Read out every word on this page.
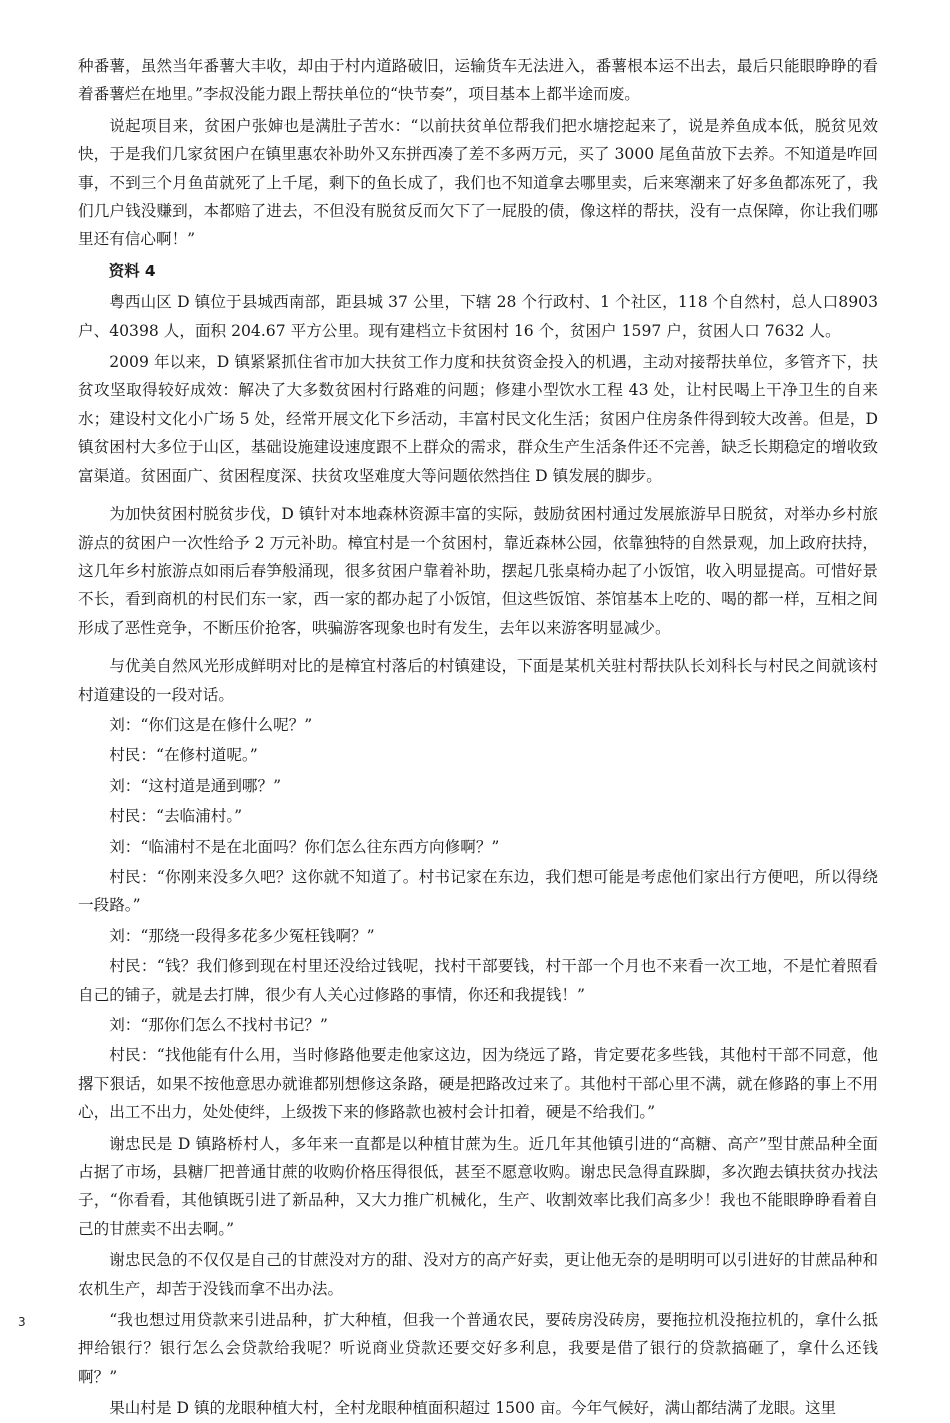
种番薯，虽然当年番薯大丰收，却由于村内道路破旧，运输货车无法进入，番薯根本运不出去，最后只能眼睁睁的看着番薯烂在地里。”李叔没能力跟上帮扶单位的“快节奏”，项目基本上都半途而废。

说起项目来，贫困户张婶也是满肚子苦水：“以前扶贫单位帮我们把水塘挖起来了，说是养鱼成本低，脱贫见效快，于是我们几家贫困户在镇里惠农补助外又东拼西凑了差不多两万元，买了 3000 尾鱼苗放下去养。不知道是咋回事，不到三个月鱼苗就死了上千尾，剩下的鱼长成了，我们也不知道拿去哪里卖，后来寒潮来了好多鱼都冻死了，我们几户钱没赚到，本都赔了进去，不但没有脱贫反而欠下了一屁股的债，像这样的帮扶，没有一点保障，你让我们哪里还有信心啊！”

资料 4

粤西山区 D 镇位于县城西南部，距县城 37 公里，下辖 28 个行政村、1 个社区，118 个自然村，总人口8903 户、40398 人，面积 204.67 平方公里。现有建档立卡贫困村 16 个，贫困户 1597 户，贫困人口 7632 人。

2009 年以来，D 镇紧紧抓住省市加大扶贫工作力度和扶贫资金投入的机遇，主动对接帮扶单位，多管齐下，扶贫攻坚取得较好成效：解决了大多数贫困村行路难的问题；修建小型饮水工程 43 处，让村民喝上干净卫生的自来水；建设村文化小广场 5 处，经常开展文化下乡活动，丰富村民文化生活；贫困户住房条件得到较大改善。但是，D 镇贫困村大多位于山区，基础设施建设速度跟不上群众的需求，群众生产生活条件还不完善，缺乏长期稳定的增收致富渠道。贫困面广、贫困程度深、扶贫攻坚难度大等问题依然挡住 D 镇发展的脚步。

为加快贫困村脱贫步伐，D 镇针对本地森林资源丰富的实际，鼓励贫困村通过发展旅游早日脱贫，对举办乡村旅游点的贫困户一次性给予 2 万元补助。樟宜村是一个贫困村，靠近森林公园，依靠独特的自然景观，加上政府扶持，这几年乡村旅游点如雨后春笋般涌现，很多贫困户靠着补助，摆起几张桌椅办起了小饭馆，收入明显提高。可惜好景不长，看到商机的村民们东一家，西一家的都办起了小饭馆，但这些饭馆、茶馆基本上吃的、喝的都一样，互相之间形成了恶性竞争，不断压价抢客，哄骗游客现象也时有发生，去年以来游客明显减少。

与优美自然风光形成鲜明对比的是樟宜村落后的村镇建设，下面是某机关驻村帮扶队长刘科长与村民之间就该村村道建设的一段对话。

刘：“你们这是在修什么呢？”

村民：“在修村道呢。”

刘：“这村道是通到哪？”

村民：“去临浦村。”

刘：“临浦村不是在北面吗？你们怎么往东西方向修啊？”

村民：“你刚来没多久吧？这你就不知道了。村书记家在东边，我们想可能是考虑他们家出行方便吧，所以得绕一段路。”

刘：“那绕一段得多花多少冤枉钱啊？”

村民：“钱？我们修到现在村里还没给过钱呢，找村干部要钱，村干部一个月也不来看一次工地，不是忙着照看自己的铺子，就是去打牌，很少有人关心过修路的事情，你还和我提钱！”

刘：“那你们怎么不找村书记？”

村民：“找他能有什么用，当时修路他要走他家这边，因为绕远了路，肯定要花多些钱，其他村干部不同意，他撂下狠话，如果不按他意思办就谁都别想修这条路，硬是把路改过来了。其他村干部心里不满，就在修路的事上不用心，出工不出力，处处使绊，上级拨下来的修路款也被村会计扣着，硬是不给我们。”

谢忠民是 D 镇路桥村人，多年来一直都是以种植甘蔗为生。近几年其他镇引进的“高糖、高产”型甘蔗品种全面占据了市场，县糖厂把普通甘蔗的收购价格压得很低，甚至不愿意收购。谢忠民急得直跺脚，多次跑去镇扶贫办找法子，“你看看，其他镇既引进了新品种，又大力推广机械化，生产、收割效率比我们高多少！我也不能眼睁睁看着自己的甘蔗卖不出去啊。”

谢忠民急的不仅仅是自己的甘蔗没对方的甜、没对方的高产好卖，更让他无奈的是明明可以引进好的甘蔗品种和农机生产，却苦于没钱而拿不出办法。

“我也想过用贷款来引进品种，扩大种植，但我一个普通农民，要砖房没砖房，要拖拉机没拖拉机的，拿什么抵押给银行？银行怎么会贷款给我呢？听说商业贷款还要交好多利息，我要是借了银行的贷款搞砸了，拿什么还钱啊？”

果山村是 D 镇的龙眼种植大村，全村龙眼种植面积超过 1500 亩。今年气候好，满山都结满了龙眼。这里

3
